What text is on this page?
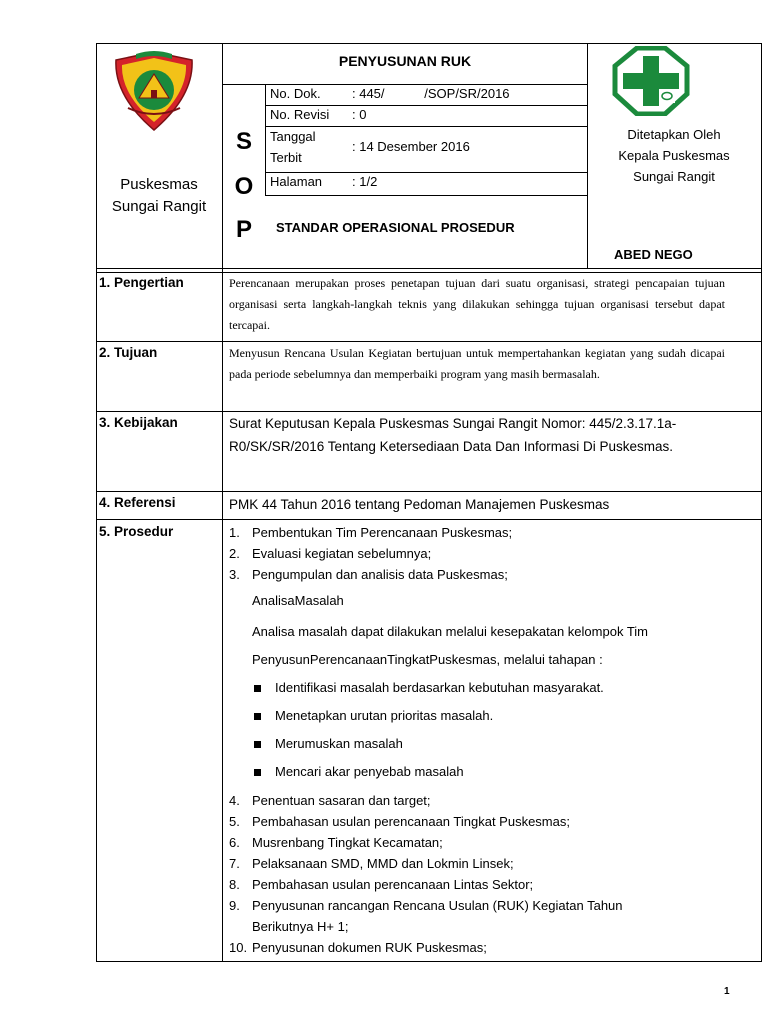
Puskesmas
Sungai Rangit
PENYUSUNAN RUK
S
O
P
No. Dok. : 445/           /SOP/SR/2016
No. Revisi : 0
Tanggal
Terbit
: 14 Desember 2016
Halaman : 1/2
STANDAR OPERASIONAL PROSEDUR
Ditetapkan Oleh
Kepala Puskesmas
Sungai Rangit
ABED NEGO
1. Pengertian	Perencanaan merupakan proses penetapan tujuan dari suatu organisasi, strategi pencapaian tujuan organisasi serta langkah-langkah teknis yang dilakukan sehingga tujuan organisasi tersebut dapat tercapai.
2. Tujuan	Menyusun Rencana Usulan Kegiatan bertujuan untuk mempertahankan kegiatan yang sudah dicapai pada periode sebelumnya dan memperbaiki program yang masih bermasalah.
3. Kebijakan	Surat Keputusan Kepala Puskesmas Sungai Rangit Nomor: 445/2.3.17.1a-R0/SK/SR/2016 Tentang Ketersediaan Data Dan Informasi Di Puskesmas.
4. Referensi	PMK 44 Tahun 2016 tentang Pedoman Manajemen Puskesmas
5. Prosedur	1. Pembentukan Tim Perencanaan Puskesmas;
2. Evaluasi kegiatan sebelumnya;
3. Pengumpulan dan analisis data Puskesmas;
AnalisaMasalah
Analisa masalah dapat dilakukan melalui kesepakatan kelompok Tim
PenyusunPerencanaanTingkatPuskesmas, melalui tahapan :
Identifikasi masalah berdasarkan kebutuhan masyarakat.
Menetapkan urutan prioritas masalah.
Merumuskan masalah
Mencari akar penyebab masalah
4. Penentuan sasaran dan target;
5. Pembahasan usulan perencanaan Tingkat Puskesmas;
6. Musrenbang Tingkat Kecamatan;
7. Pelaksanaan SMD, MMD dan Lokmin Linsek;
8. Pembahasan usulan perencanaan Lintas Sektor;
9. Penyusunan rancangan Rencana Usulan (RUK) Kegiatan Tahun
Berikutnya H+ 1;
10. Penyusunan dokumen RUK Puskesmas;
1
